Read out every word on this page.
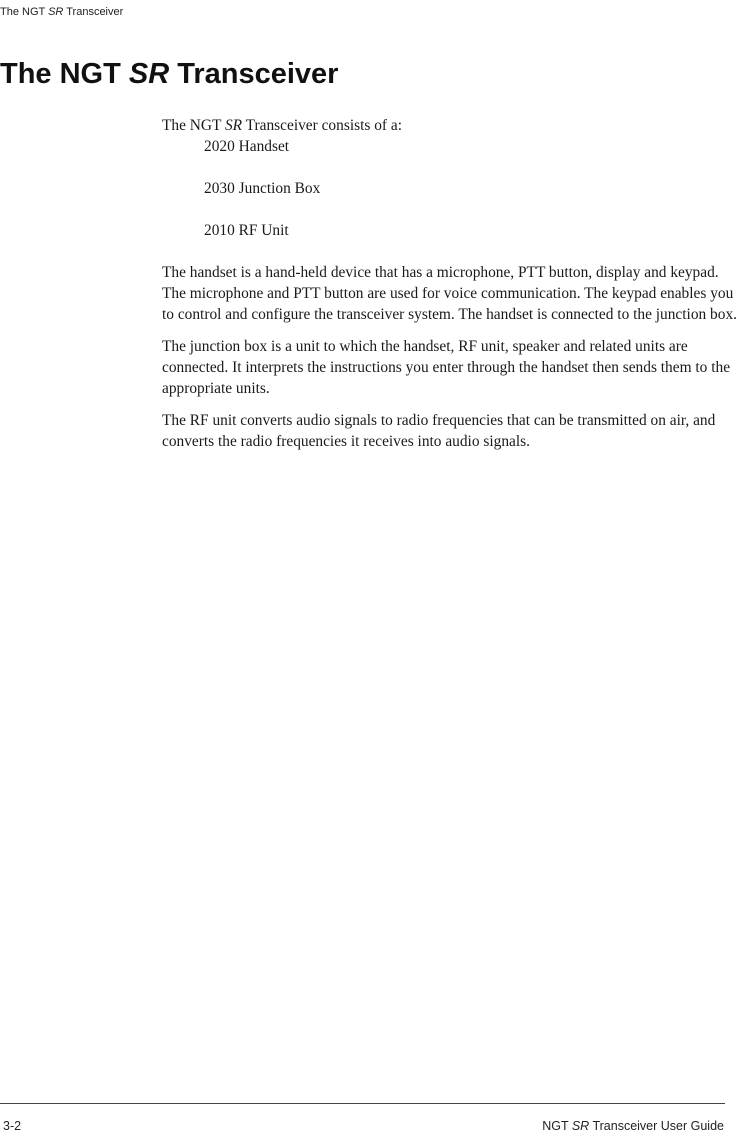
The NGT SR Transceiver
The NGT SR Transceiver

The NGT SR Transceiver consists of a:

2020 Handset
2030 Junction Box
2010 RF Unit

The handset is a hand-held device that has a microphone, PTT button, display and keypad. The microphone and PTT button are used for voice communication. The keypad enables you to control and configure the transceiver system. The handset is connected to the junction box.

The junction box is a unit to which the handset, RF unit, speaker and related units are connected. It interprets the instructions you enter through the handset then sends them to the appropriate units.

The RF unit converts audio signals to radio frequencies that can be transmitted on air, and converts the radio frequencies it receives into audio signals.

3-2	NGT SR Transceiver User Guide
